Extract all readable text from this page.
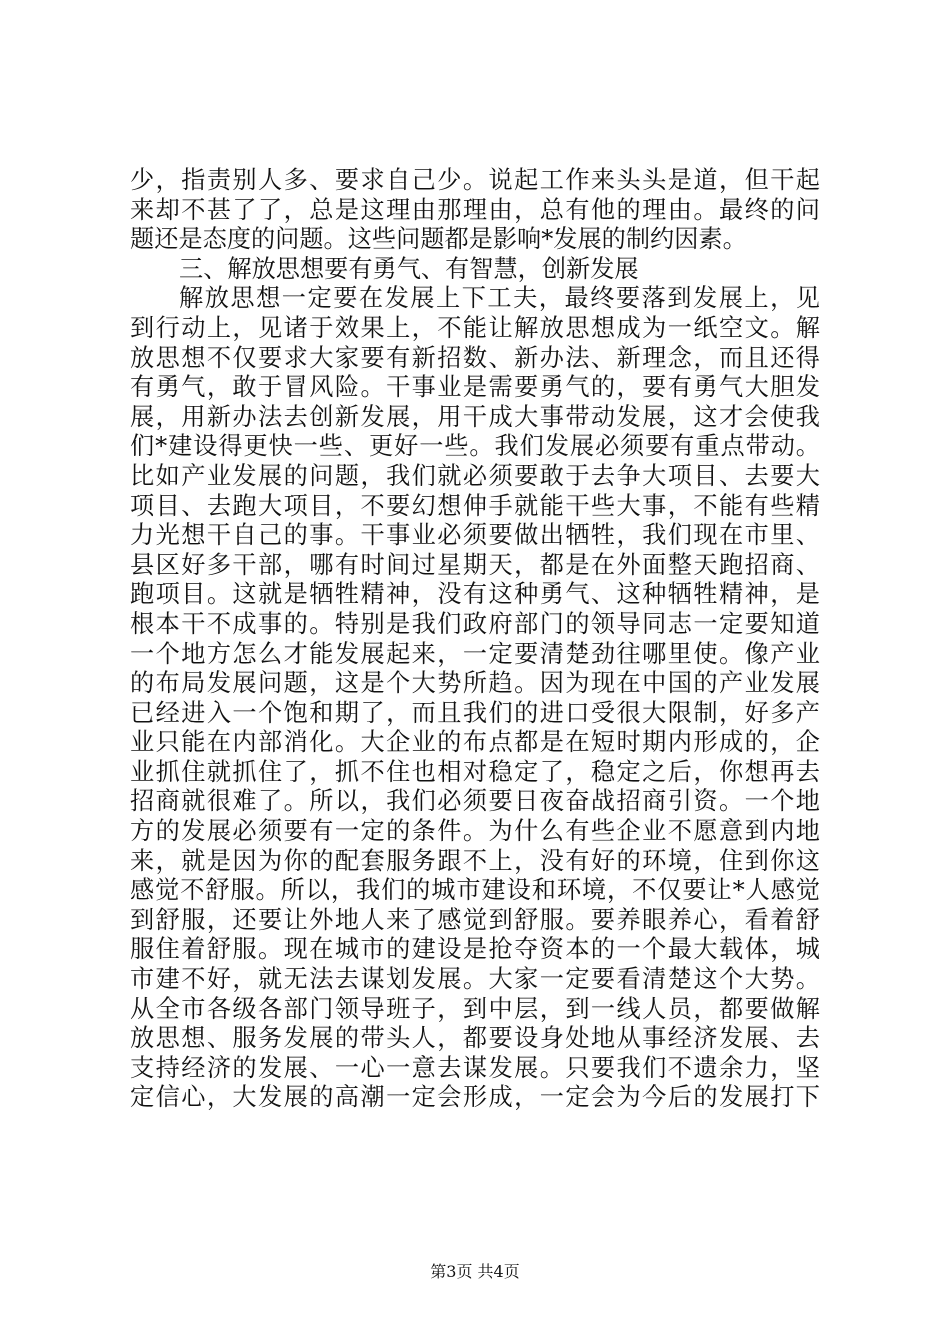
少，指责别人多、要求自己少。说起工作来头头是道，但干起
来却不甚了了，总是这理由那理由，总有他的理由。最终的问
题还是态度的问题。这些问题都是影响*发展的制约因素。
三、解放思想要有勇气、有智慧，创新发展
解放思想一定要在发展上下工夫，最终要落到发展上，见
到行动上，见诸于效果上，不能让解放思想成为一纸空文。解
放思想不仅要求大家要有新招数、新办法、新理念，而且还得
有勇气，敢于冒风险。干事业是需要勇气的，要有勇气大胆发
展，用新办法去创新发展，用干成大事带动发展，这才会使我
们*建设得更快一些、更好一些。我们发展必须要有重点带动。
比如产业发展的问题，我们就必须要敢于去争大项目、去要大
项目、去跑大项目，不要幻想伸手就能干些大事，不能有些精
力光想干自己的事。干事业必须要做出牺牲，我们现在市里、
县区好多干部，哪有时间过星期天，都是在外面整天跑招商、
跑项目。这就是牺牲精神，没有这种勇气、这种牺牲精神，是
根本干不成事的。特别是我们政府部门的领导同志一定要知道
一个地方怎么才能发展起来，一定要清楚劲往哪里使。像产业
的布局发展问题，这是个大势所趋。因为现在中国的产业发展
已经进入一个饱和期了，而且我们的进口受很大限制，好多产
业只能在内部消化。大企业的布点都是在短时期内形成的，企
业抓住就抓住了，抓不住也相对稳定了，稳定之后，你想再去
招商就很难了。所以，我们必须要日夜奋战招商引资。一个地
方的发展必须要有一定的条件。为什么有些企业不愿意到内地
来，就是因为你的配套服务跟不上，没有好的环境，住到你这
感觉不舒服。所以，我们的城市建设和环境，不仅要让*人感觉
到舒服，还要让外地人来了感觉到舒服。要养眼养心，看着舒
服住着舒服。现在城市的建设是抢夺资本的一个最大载体，城
市建不好，就无法去谋划发展。大家一定要看清楚这个大势。
从全市各级各部门领导班子，到中层，到一线人员，都要做解
放思想、服务发展的带头人，都要设身处地从事经济发展、去
支持经济的发展、一心一意去谋发展。只要我们不遗余力，坚
定信心，大发展的高潮一定会形成，一定会为今后的发展打下
第3页 共4页
